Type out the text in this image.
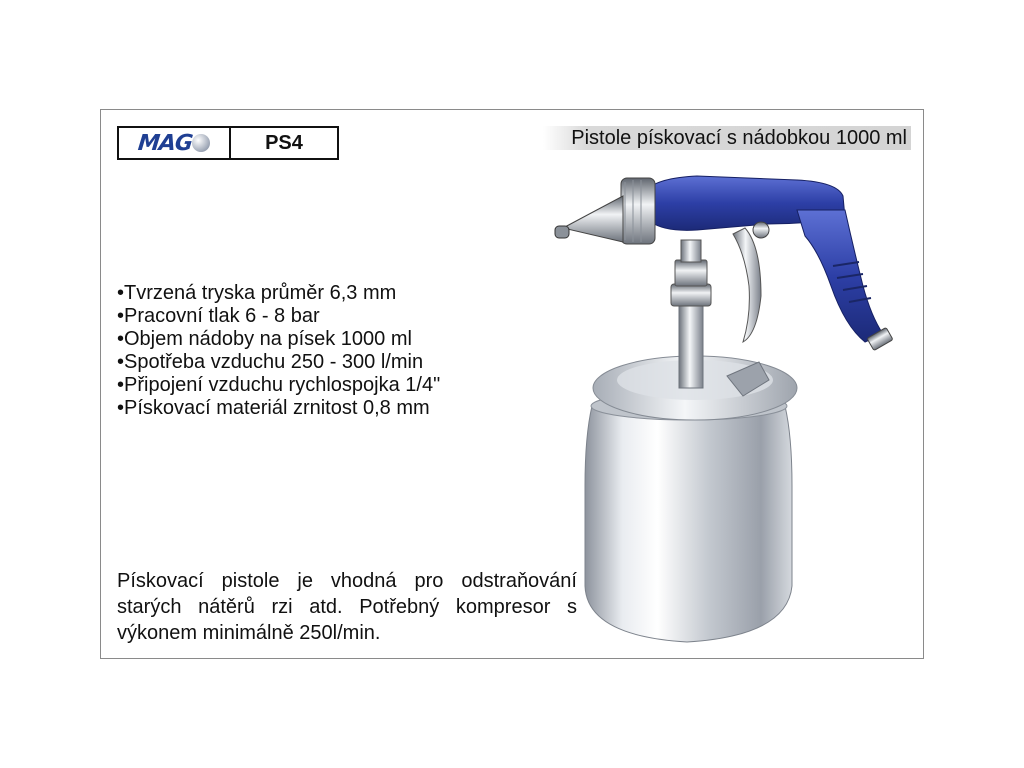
MAG	PS4	Pistole pískovací s nádobkou 1000 ml
•Tvrzená tryska průměr 6,3 mm
•Pracovní tlak 6 - 8 bar
•Objem nádoby na písek 1000 ml
•Spotřeba vzduchu 250 - 300 l/min
•Připojení vzduchu rychlospojka 1/4"
•Pískovací materiál zrnitost 0,8 mm

Pískovací pistole je vhodná pro odstraňování starých nátěrů rzi atd. Potřebný kompresor s výkonem minimálně 250l/min.
